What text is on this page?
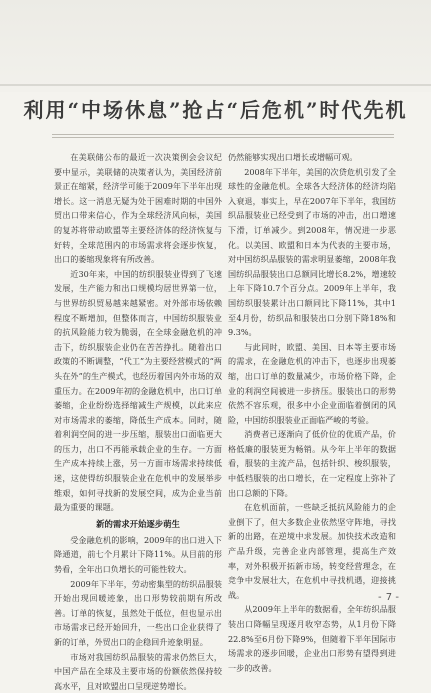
利用“中场休息”抢占“后危机”时代先机

在美联储公布的最近一次决策例会会议纪要中显示，美联储的决策者认为，美国经济前景正在缩紧，经济学可能于2009年下半年出现增长。这一消息无疑为处于困难时期的中国外贸出口带来信心，作为全球经济风向标，美国的复苏将带动欧盟等主要经济体的经济恢复与好转，全球范围内的市场需求将会逐步恢复，出口的萎缩现象将有所改善。

近30年来，中国的纺织服装业得到了飞速发展，生产能力和出口规模均居世界第一位，与世界纺织贸易越来越紧密。对外部市场依赖程度不断增加，但整体而言，中国纺织服装业的抗风险能力较为脆弱，在全球金融危机的冲击下，纺织服装企业仍在苦苦挣扎。随着出口政策的不断调整，“代工”为主要经营模式的“两头在外”的生产模式，也经历着国内外市场的双重压力。在2009年初的金融危机中，出口订单萎缩，企业纷纷选择缩减生产规模，以此来应对市场需求的萎缩，降低生产成本。同时，随着利润空间的进一步压缩，服装出口面临更大的压力，出口不再能承载企业的生存。一方面生产成本持续上涨，另一方面市场需求持续低迷，这使得纺织服装企业在危机中的发展举步维艰，如何寻找新的发展空间，成为企业当前最为重要的课题。

新的需求开始逐步萌生

受金融危机的影响，2009年的出口进入下降通道，前七个月累计下降11%。从目前的形势看，全年出口负增长的可能性较大。

2009年下半年，劳动密集型的纺织品服装开始出现回暖迹象，出口形势较前期有所改善。订单的恢复，虽然处于低位，但也显示出市场需求已经开始回升，一些出口企业获得了新的订单，外贸出口的企稳回升迹象明显。

市场对我国纺织品服装的需求仍然巨大，中国产品在全球及主要市场的份额依然保持较高水平，且对欧盟出口呈现逆势增长。

仍然能够实现出口增长或增幅可观。

2008年下半年，美国的次贷危机引发了全球性的金融危机。全球各大经济体的经济均陷入衰退，事实上，早在2007年下半年，我国纺织品服装业已经受到了市场的冲击，出口增速下滑，订单减少。到2008年，情况进一步恶化。以美国、欧盟和日本为代表的主要市场，对中国纺织品服装的需求明显萎缩，2008年我国纺织品服装出口总额同比增长8.2%，增速较上年下降10.7个百分点。2009年上半年，我国纺织服装累计出口额同比下降11%，其中1至4月份，纺织品和服装出口分别下降18%和9.3%。

与此同时，欧盟、美国、日本等主要市场的需求，在金融危机的冲击下，也逐步出现萎缩，出口订单的数量减少，市场价格下降，企业的利润空间被进一步挤压。服装出口的形势依然不容乐观，很多中小企业面临着倒闭的风险，中国纺织服装业正面临严峻的考验。

消费者已逐渐向了低价位的优质产品，价格低廉的服装更为畅销。从今年上半年的数据看，服装的主流产品，包括针织、梭织服装，中低档服装的出口增长，在一定程度上弥补了出口总额的下降。

在危机面前，一些缺乏抵抗风险能力的企业倒下了，但大多数企业依然坚守阵地，寻找新的出路，在逆境中求发展。加快技术改造和产品升级，完善企业内部管理，提高生产效率，对外积极开拓新市场，转变经营理念，在竞争中发展壮大，在危机中寻找机遇，迎接挑战。

从2009年上半年的数据看，全年纺织品服装出口降幅呈现逐月收窄态势，从1月份下降22.8%至6月份下降9%，但随着下半年国际市场需求的逐步回暖，企业出口形势有望得到进一步的改善。

- 7 -
